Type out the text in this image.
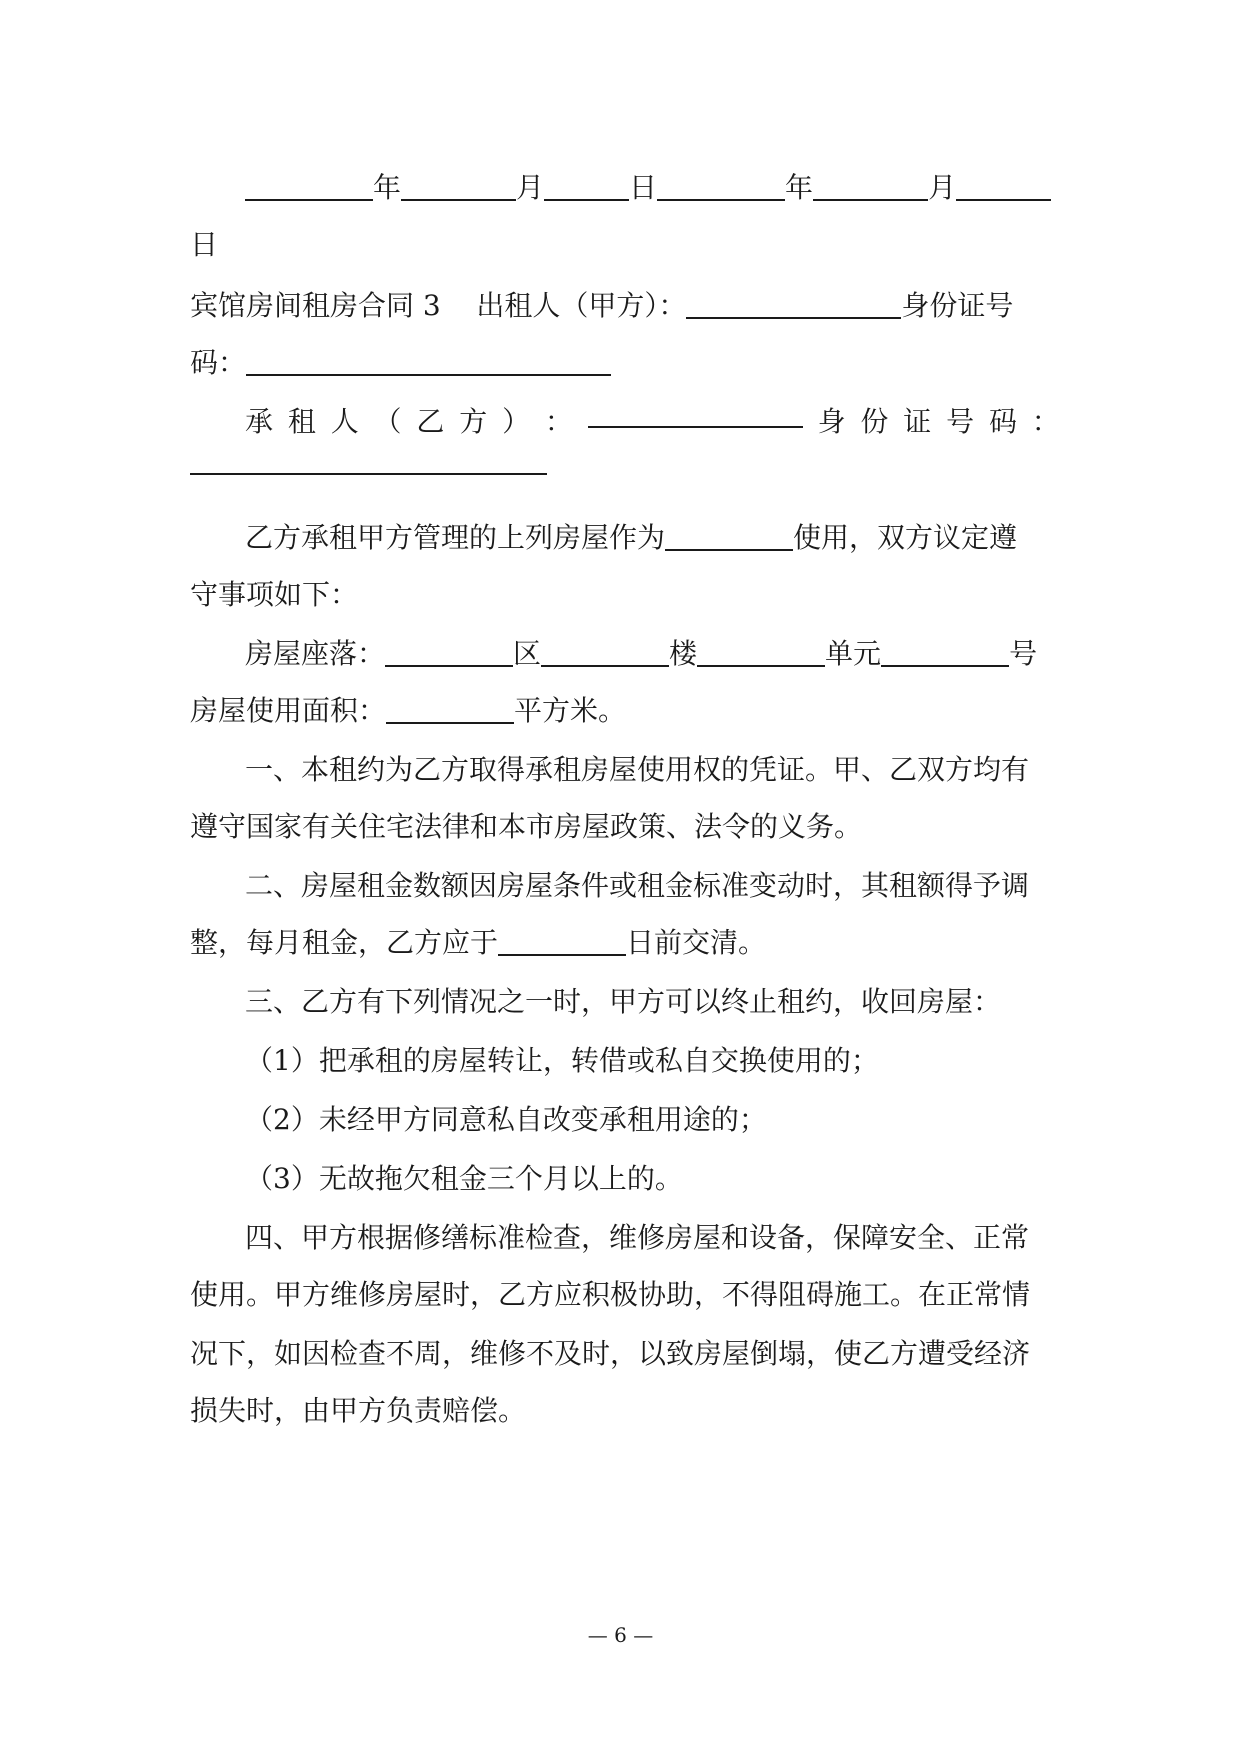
年	月	日	年	月
日
宾馆房间租房合同 3 出租人（甲方）：	身份证号
码：
承 租 人 （ 乙 方 ） ：	身 份 证 号 码 ：
乙方承租甲方管理的上列房屋作为	使用，双方议定遵
守事项如下：
房屋座落：	区	楼	单元	号
房屋使用面积：	平方米。
一、本租约为乙方取得承租房屋使用权的凭证。甲、乙双方均有
遵守国家有关住宅法律和本市房屋政策、法令的义务。
二、房屋租金数额因房屋条件或租金标准变动时，其租额得予调
整，每月租金，乙方应于	日前交清。
三、乙方有下列情况之一时，甲方可以终止租约，收回房屋：
（1）把承租的房屋转让，转借或私自交换使用的；
（2）未经甲方同意私自改变承租用途的；
（3）无故拖欠租金三个月以上的。
四、甲方根据修缮标准检查，维修房屋和设备，保障安全、正常
使用。甲方维修房屋时，乙方应积极协助，不得阻碍施工。在正常情
况下，如因检查不周，维修不及时，以致房屋倒塌，使乙方遭受经济
损失时，由甲方负责赔偿。
— 6 —
